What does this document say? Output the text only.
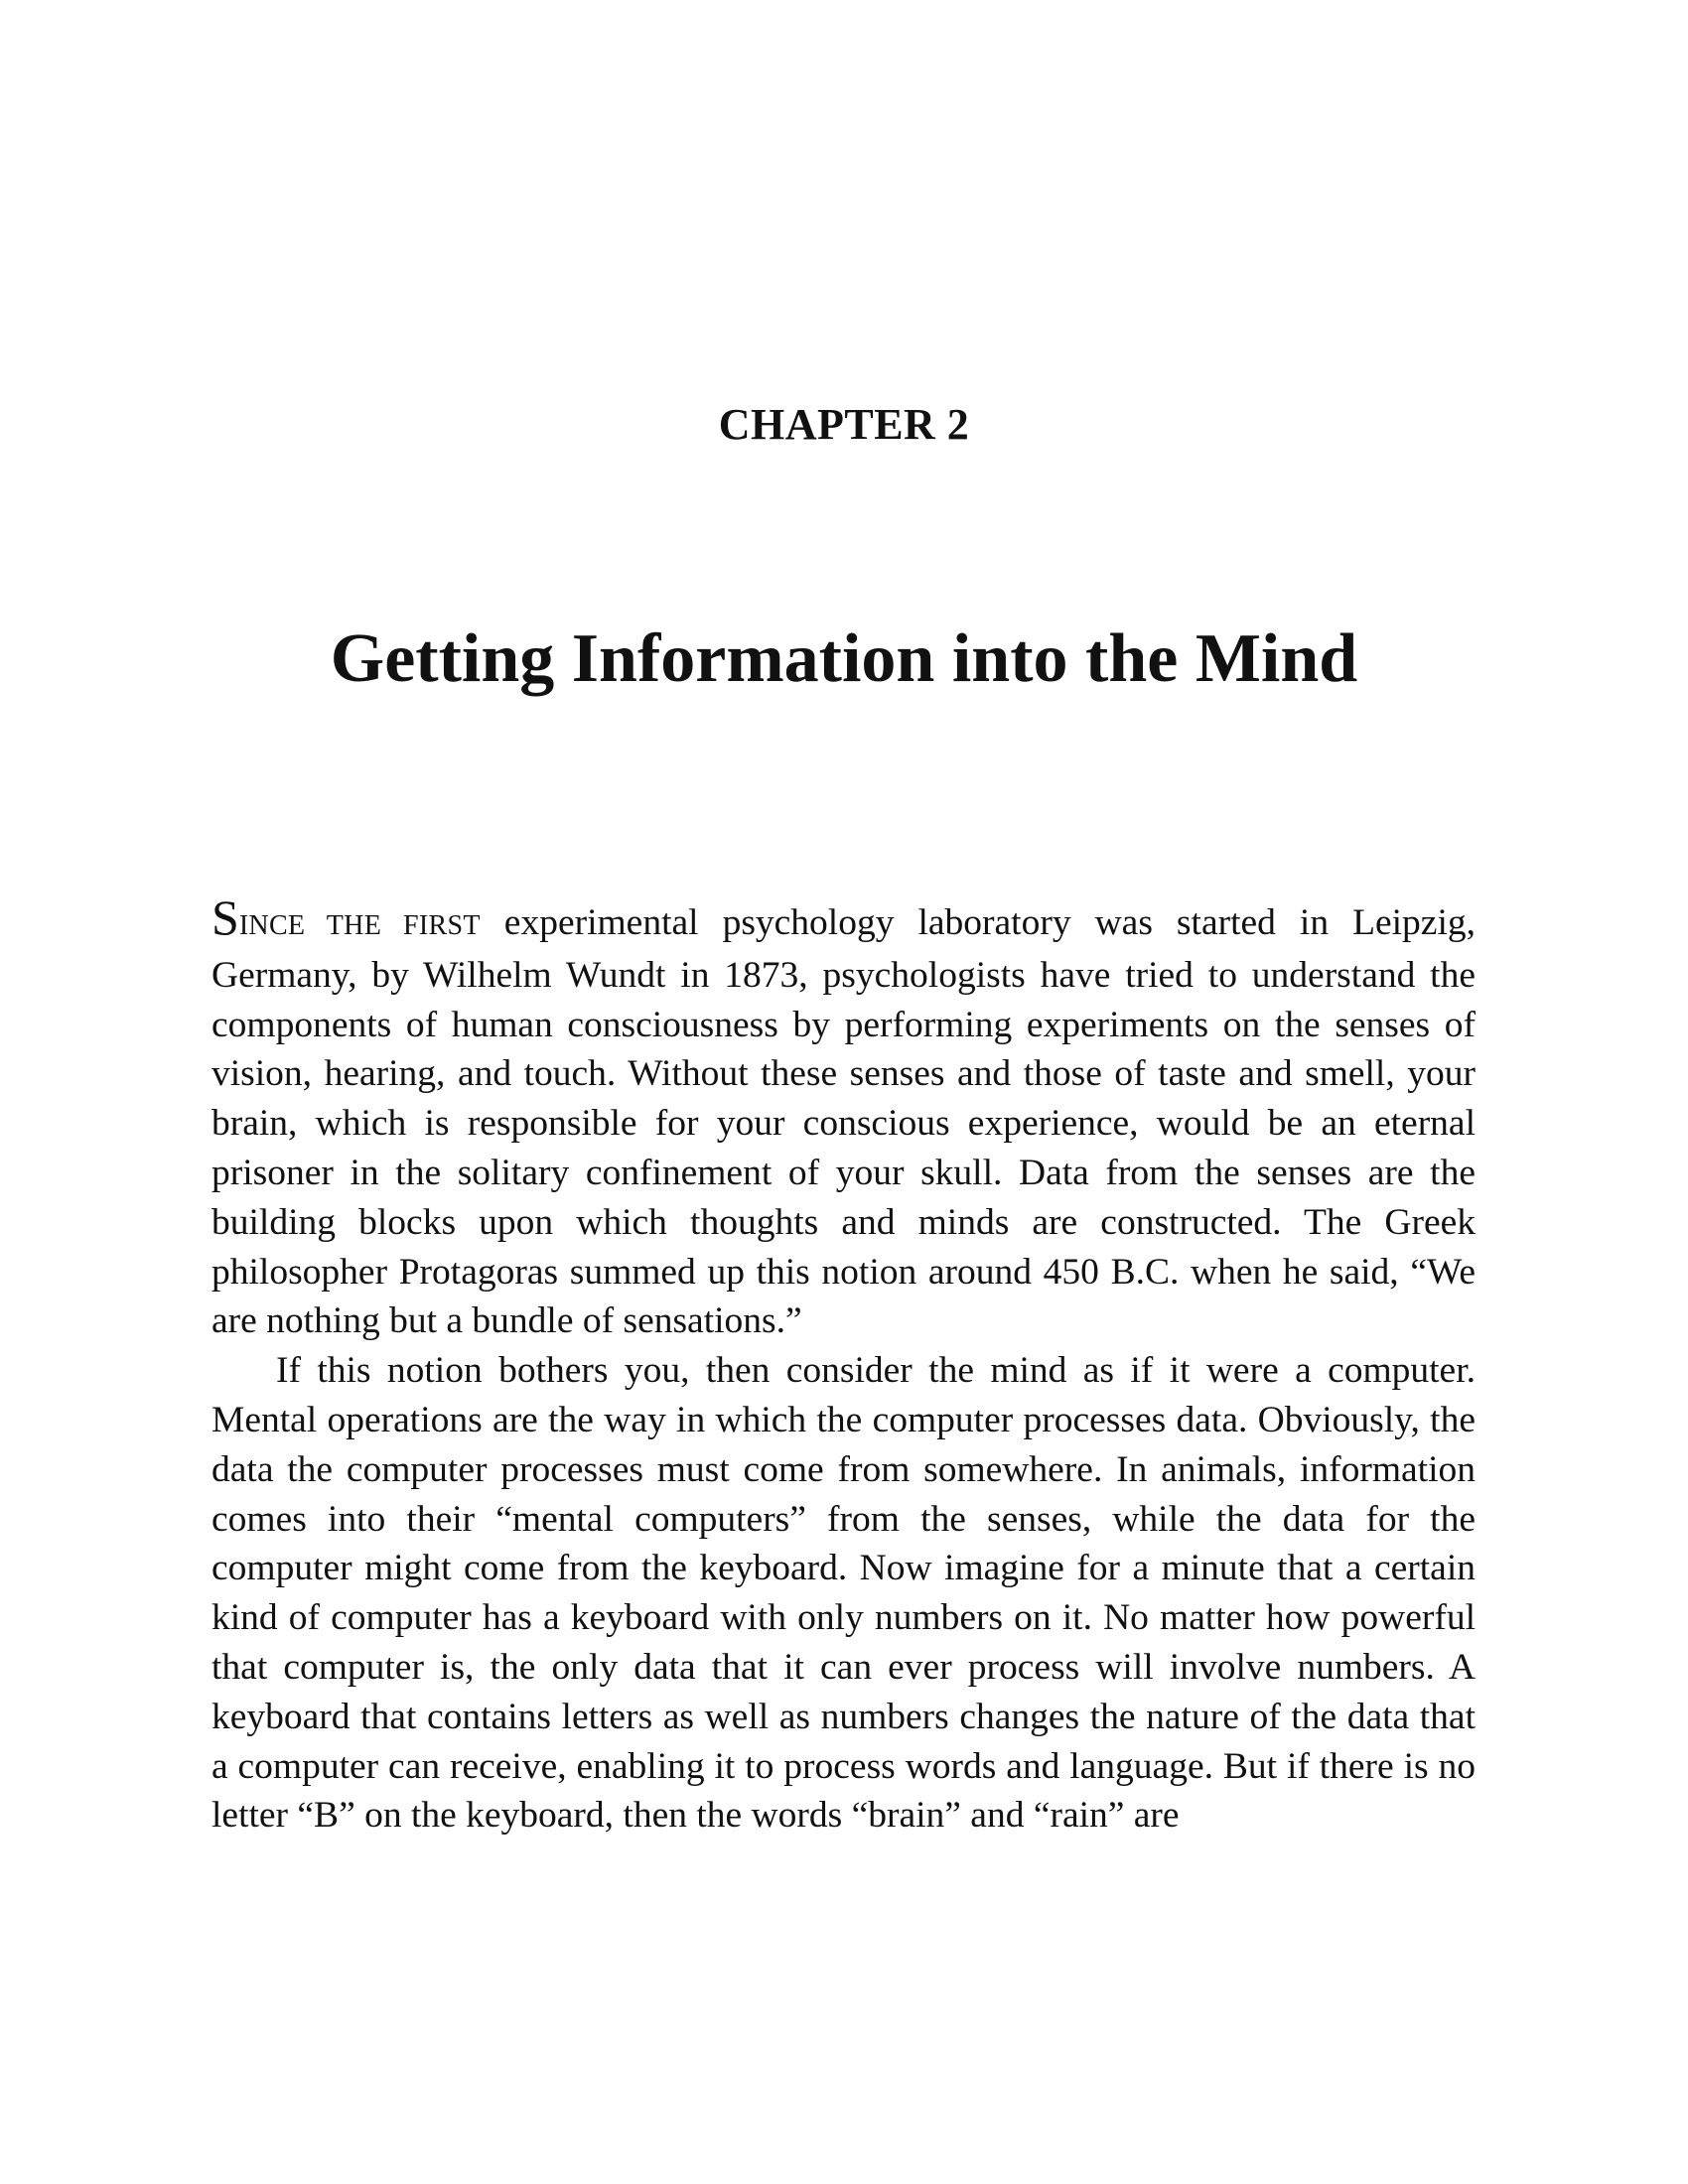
CHAPTER 2
Getting Information into the Mind

SINCE THE FIRST experimental psychology laboratory was started in Leipzig, Germany, by Wilhelm Wundt in 1873, psychologists have tried to understand the components of human consciousness by performing experiments on the senses of vision, hearing, and touch. Without these senses and those of taste and smell, your brain, which is responsible for your conscious experience, would be an eternal prisoner in the solitary confinement of your skull. Data from the senses are the building blocks upon which thoughts and minds are constructed. The Greek philosopher Protagoras summed up this notion around 450 B.C. when he said, “We are nothing but a bundle of sensations.”

If this notion bothers you, then consider the mind as if it were a computer. Mental operations are the way in which the computer processes data. Obviously, the data the computer processes must come from somewhere. In animals, information comes into their “mental computers” from the senses, while the data for the computer might come from the keyboard. Now imagine for a minute that a certain kind of computer has a keyboard with only numbers on it. No matter how powerful that computer is, the only data that it can ever process will involve numbers. A keyboard that contains letters as well as numbers changes the nature of the data that a computer can receive, enabling it to process words and language. But if there is no letter “B” on the keyboard, then the words “brain” and “rain” are
